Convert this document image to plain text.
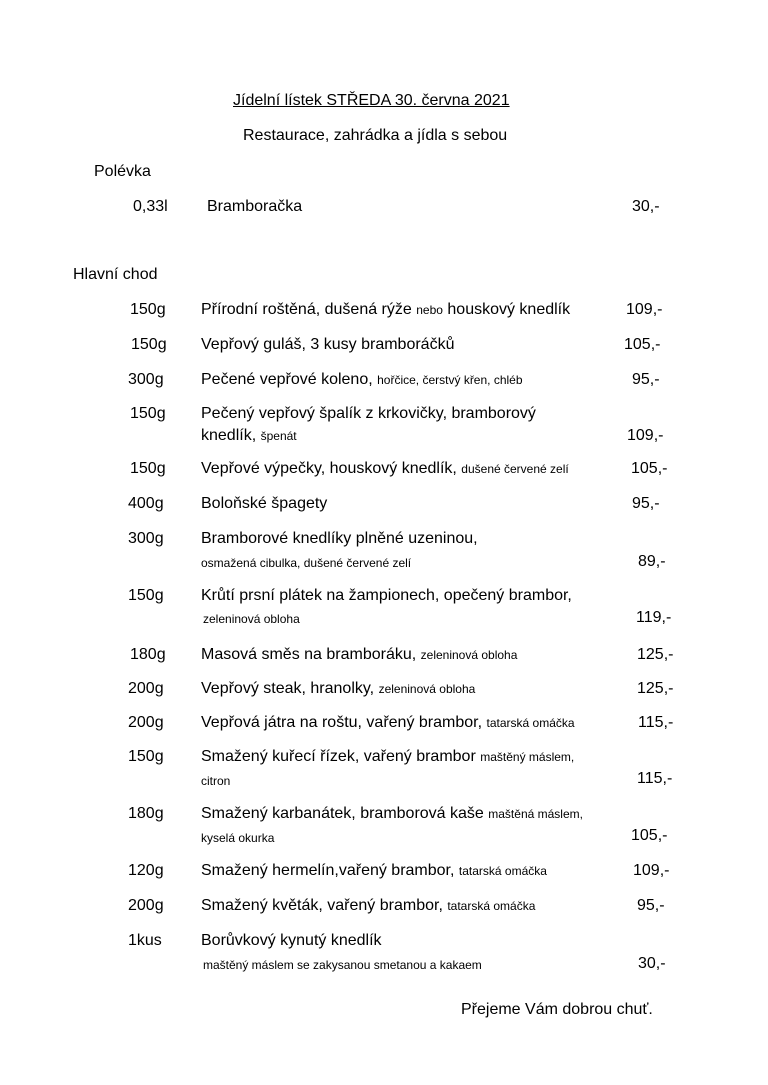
Jídelní lístek STŘEDA 30. června 2021
Restaurace, zahrádka a jídla s sebou
Polévka
0,33l Bramboračka	30,-
Hlavní chod
150g Přírodní roštěná, dušená rýže nebo houskový knedlík	109,-
150g Vepřový guláš, 3 kusy bramboráčků	105,-
300g Pečené vepřové koleno, hořčice, čerstvý křen, chléb	95,-
150g Pečený vepřový špalík z krkovičky, bramborový
knedlík, špenát	109,-
150g Vepřové výpečky, houskový knedlík, dušené červené zelí	105,-
400g Boloňské špagety	95,-
300g Bramborové knedlíky plněné uzeninou,
osmažená cibulka, dušené červené zelí	89,-
150g Krůtí prsní plátek na žampionech, opečený brambor,
zeleninová obloha	119,-
180g Masová směs na bramboráku, zeleninová obloha	125,-
200g Vepřový steak, hranolky, zeleninová obloha	125,-
200g Vepřová játra na roštu, vařený brambor, tatarská omáčka	115,-
150g Smažený kuřecí řízek, vařený brambor maštěný máslem,
citron	115,-
180g Smažený karbanátek, bramborová kaše maštěná máslem,
kyselá okurka	105,-
120g Smažený hermelín,vařený brambor, tatarská omáčka	109,-
200g Smažený květák, vařený brambor, tatarská omáčka	95,-
1kus Borůvkový kynutý knedlík
maštěný máslem se zakysanou smetanou a kakaem	30,-
Přejeme Vám dobrou chuť.
